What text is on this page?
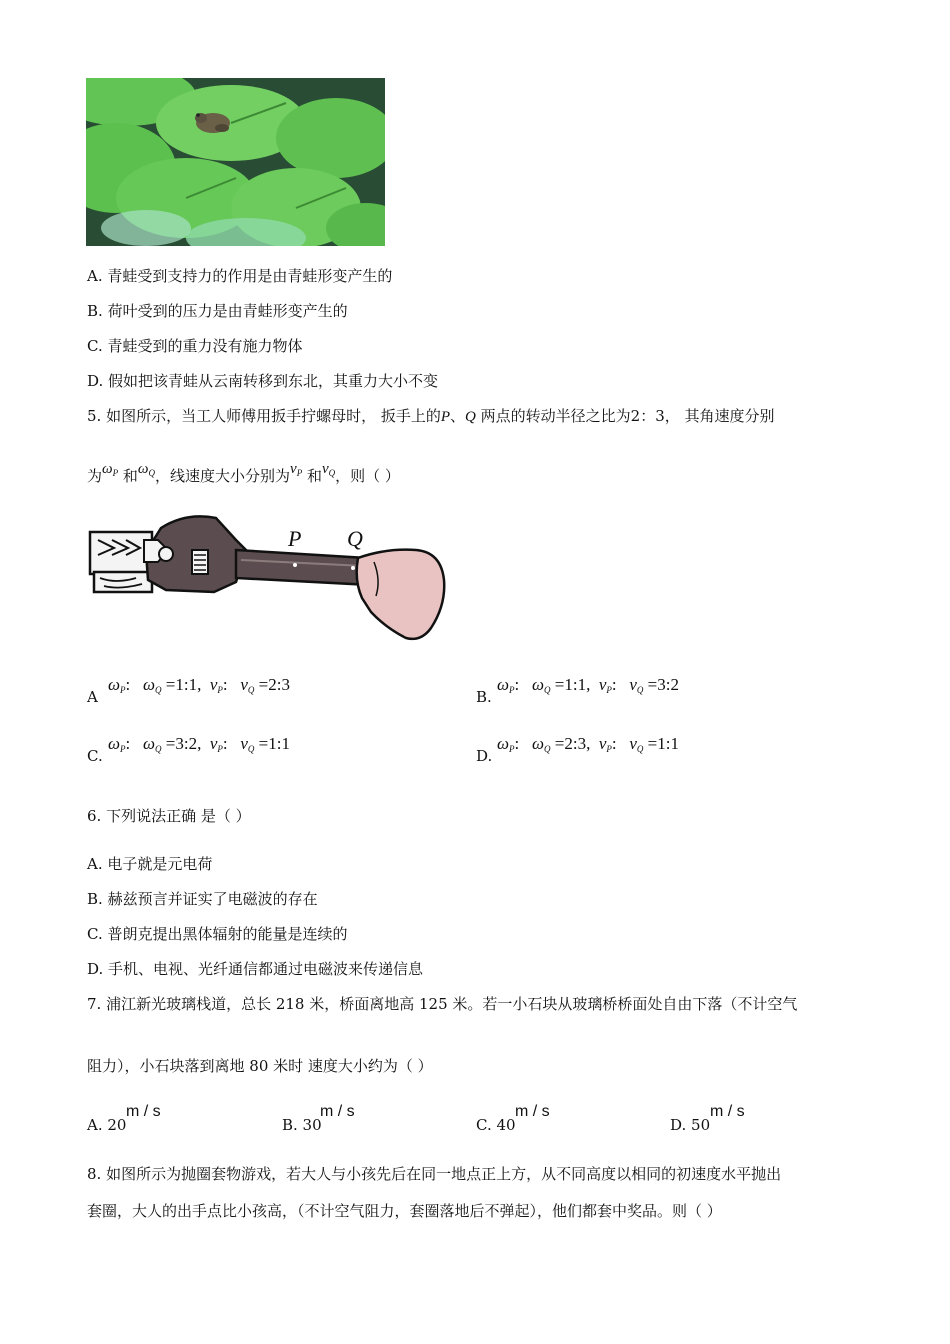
A. 青蛙受到支持力的作用是由青蛙形变产生的
B. 荷叶受到的压力是由青蛙形变产生的
C. 青蛙受到的重力没有施力物体
D. 假如把该青蛙从云南转移到东北，其重力大小不变
5. 如图所示，当工人师傅用扳手拧螺母时， 扳手上的P、Q 两点的转动半径之比为2：3， 其角速度分别
为$\omega_P$ 和$\omega_Q$，线速度大小分别为$v_P$ 和$v_Q$，则（ ）
P Q
A
$\omega_P$: $\omega_Q$ =1:1, $v_P$: $v_Q$ =2:3
B.
$\omega_P$: $\omega_Q$ =1:1, $v_P$: $v_Q$ =3:2
C.
$\omega_P$: $\omega_Q$ =3:2, $v_P$: $v_Q$ =1:1
D.
$\omega_P$: $\omega_Q$ =2:3, $v_P$: $v_Q$ =1:1
6. 下列说法正确 是（ ）
A. 电子就是元电荷
B. 赫兹预言并证实了电磁波的存在
C. 普朗克提出黑体辐射的能量是连续的
D. 手机、电视、光纤通信都通过电磁波来传递信息
7. 浦江新光玻璃栈道，总长 218 米，桥面离地高 125 米。若一小石块从玻璃桥桥面处自由下落（不计空气
阻力），小石块落到离地 80 米时 速度大小约为（ ）
A. 20
m / s
B. 30
m / s
C. 40
m / s
D. 50
m / s
8. 如图所示为抛圈套物游戏，若大人与小孩先后在同一地点正上方，从不同高度以相同的初速度水平抛出
套圈，大人的出手点比小孩高，（不计空气阻力，套圈落地后不弹起），他们都套中奖品。则（ ）
